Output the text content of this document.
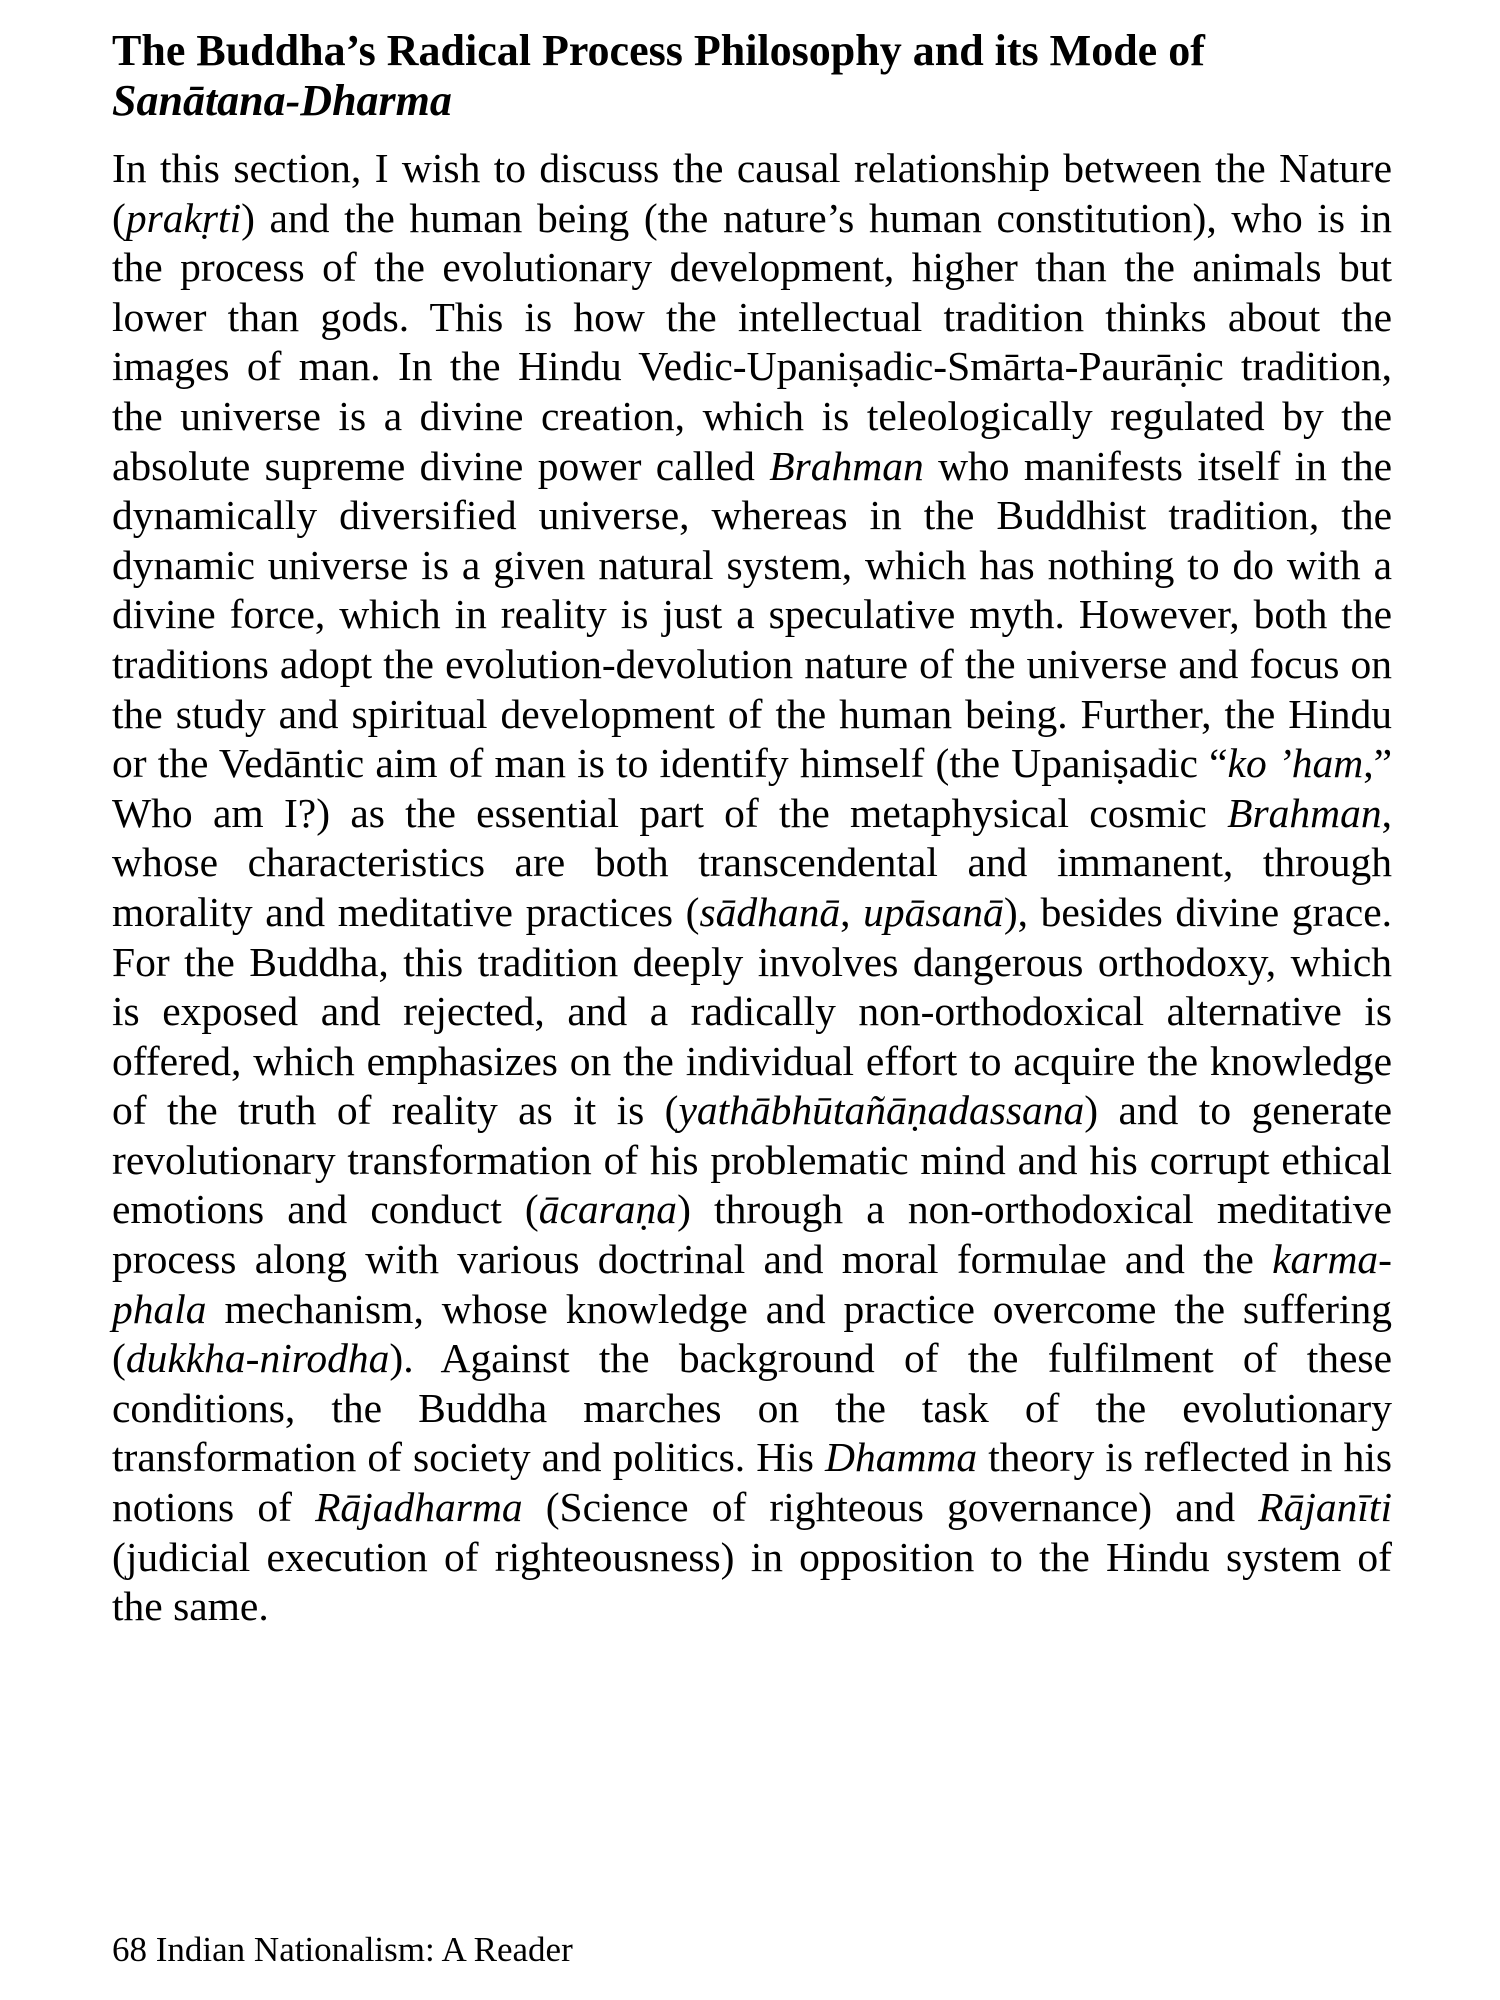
The Buddha’s Radical Process Philosophy and its Mode of
Sanātana-Dharma

In this section, I wish to discuss the causal relationship between the Nature (prakṛti) and the human being (the nature’s human constitution), who is in the process of the evolutionary development, higher than the animals but lower than gods. This is how the intellectual tradition thinks about the images of man. In the Hindu Vedic-Upaniṣadic-Smārta-Paurāṇic tradition, the universe is a divine creation, which is teleologically regulated by the absolute supreme divine power called Brahman who manifests itself in the dynamically diversified universe, whereas in the Buddhist tradition, the dynamic universe is a given natural system, which has nothing to do with a divine force, which in reality is just a speculative myth. However, both the traditions adopt the evolution-devolution nature of the universe and focus on the study and spiritual development of the human being. Further, the Hindu or the Vedāntic aim of man is to identify himself (the Upaniṣadic “ko ’ham,” Who am I?) as the essential part of the metaphysical cosmic Brahman, whose characteristics are both transcendental and immanent, through morality and meditative practices (sādhanā, upāsanā), besides divine grace. For the Buddha, this tradition deeply involves dangerous orthodoxy, which is exposed and rejected, and a radically non-orthodoxical alternative is offered, which emphasizes on the individual effort to acquire the knowledge of the truth of reality as it is (yathābhūtañāṇadassana) and to generate revolutionary transformation of his problematic mind and his corrupt ethical emotions and conduct (ācaraṇa) through a non-orthodoxical meditative process along with various doctrinal and moral formulae and the karma-phala mechanism, whose knowledge and practice overcome the suffering (dukkha-nirodha). Against the background of the fulfilment of these conditions, the Buddha marches on the task of the evolutionary transformation of society and politics. His Dhamma theory is reflected in his notions of Rājadharma (Science of righteous governance) and Rājanīti (judicial execution of righteousness) in opposition to the Hindu system of the same.

68 Indian Nationalism: A Reader
